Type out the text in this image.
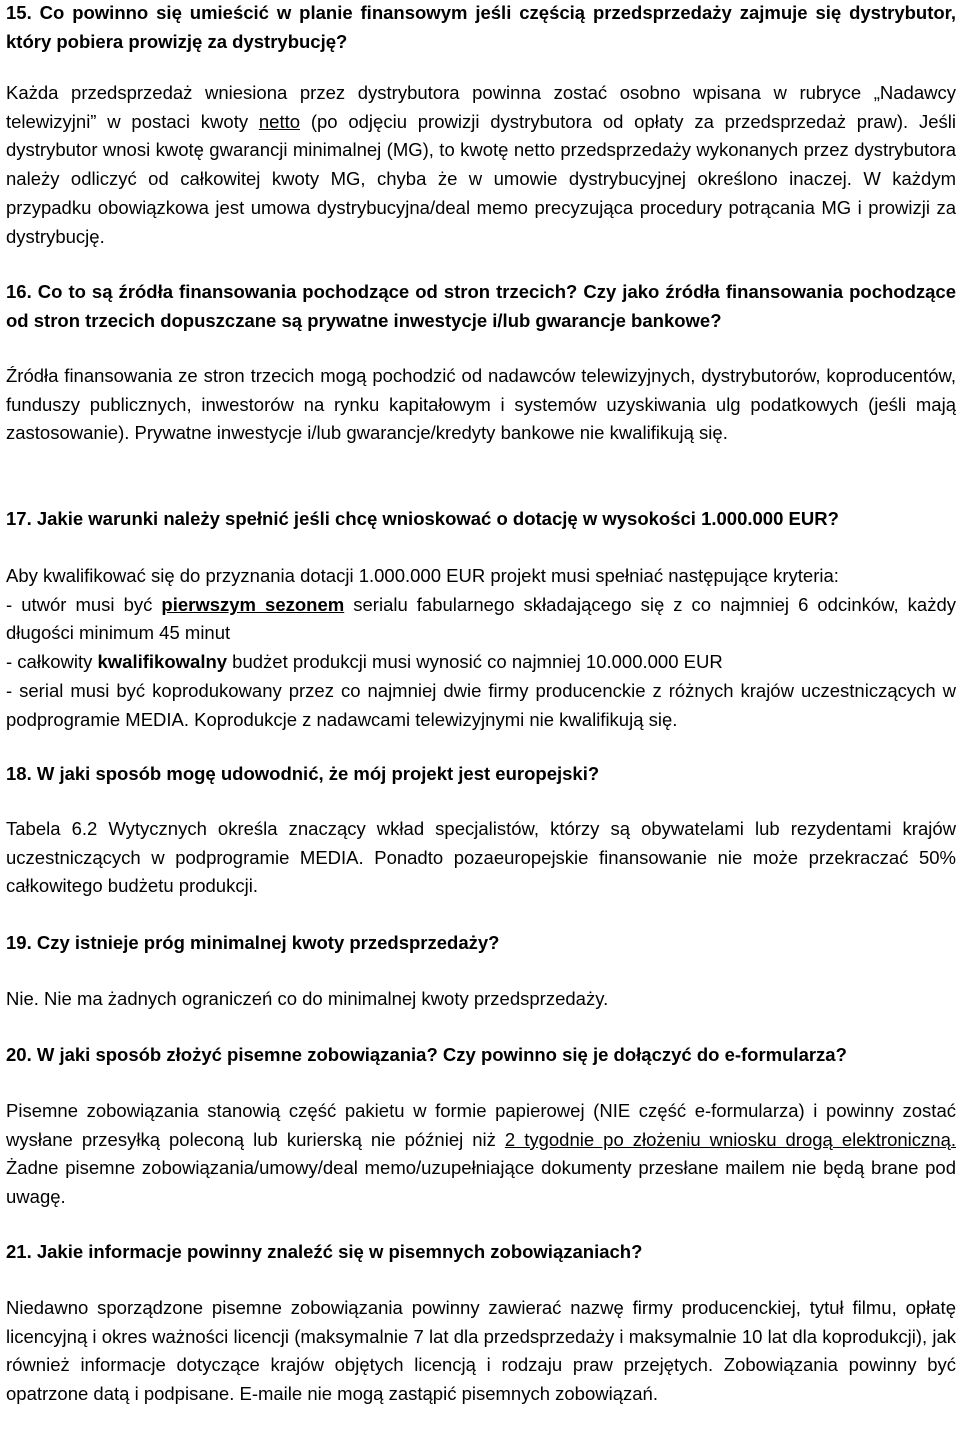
15. Co powinno się umieścić w planie finansowym jeśli częścią przedsprzedaży zajmuje się dystrybutor, który pobiera prowizję za dystrybucję?

Każda przedsprzedaż wniesiona przez dystrybutora powinna zostać osobno wpisana w rubryce „Nadawcy telewizyjni” w postaci kwoty netto (po odjęciu prowizji dystrybutora od opłaty za przedsprzedaż praw). Jeśli dystrybutor wnosi kwotę gwarancji minimalnej (MG), to kwotę netto przedsprzedaży wykonanych przez dystrybutora należy odliczyć od całkowitej kwoty MG, chyba że w umowie dystrybucyjnej określono inaczej. W każdym przypadku obowiązkowa jest umowa dystrybucyjna/deal memo precyzująca procedury potrącania MG i prowizji za dystrybucję.

16. Co to są źródła finansowania pochodzące od stron trzecich? Czy jako źródła finansowania pochodzące od stron trzecich dopuszczane są prywatne inwestycje i/lub gwarancje bankowe?

Źródła finansowania ze stron trzecich mogą pochodzić od nadawców telewizyjnych, dystrybutorów, koproducentów, funduszy publicznych, inwestorów na rynku kapitałowym i systemów uzyskiwania ulg podatkowych (jeśli mają zastosowanie). Prywatne inwestycje i/lub gwarancje/kredyty bankowe nie kwalifikują się.

17. Jakie warunki należy spełnić jeśli chcę wnioskować o dotację w wysokości 1.000.000 EUR?

Aby kwalifikować się do przyznania dotacji 1.000.000 EUR projekt musi spełniać następujące kryteria:
- utwór musi być pierwszym sezonem serialu fabularnego składającego się z co najmniej 6 odcinków, każdy długości minimum 45 minut
- całkowity kwalifikowalny budżet produkcji musi wynosić co najmniej 10.000.000 EUR
- serial musi być koprodukowany przez co najmniej dwie firmy producenckie z różnych krajów uczestniczących w podprogramie MEDIA. Koprodukcje z nadawcami telewizyjnymi nie kwalifikują się.

18. W jaki sposób mogę udowodnić, że mój projekt jest europejski?

Tabela 6.2 Wytycznych określa znaczący wkład specjalistów, którzy są obywatelami lub rezydentami krajów uczestniczących w podprogramie MEDIA. Ponadto pozaeuropejskie finansowanie nie może przekraczać 50% całkowitego budżetu produkcji.

19. Czy istnieje próg minimalnej kwoty przedsprzedaży?

Nie. Nie ma żadnych ograniczeń co do minimalnej kwoty przedsprzedaży.

20. W jaki sposób złożyć pisemne zobowiązania? Czy powinno się je dołączyć do e-formularza?

Pisemne zobowiązania stanowią część pakietu w formie papierowej (NIE część e-formularza) i powinny zostać wysłane przesyłką poleconą lub kurierską nie później niż 2 tygodnie po złożeniu wniosku drogą elektroniczną. Żadne pisemne zobowiązania/umowy/deal memo/uzupełniające dokumenty przesłane mailem nie będą brane pod uwagę.

21. Jakie informacje powinny znaleźć się w pisemnych zobowiązaniach?

Niedawno sporządzone pisemne zobowiązania powinny zawierać nazwę firmy producenckiej, tytuł filmu, opłatę licencyjną i okres ważności licencji (maksymalnie 7 lat dla przedsprzedaży i maksymalnie 10 lat dla koprodukcji), jak również informacje dotyczące krajów objętych licencją i rodzaju praw przejętych. Zobowiązania powinny być opatrzone datą i podpisane. E-maile nie mogą zastąpić pisemnych zobowiązań.
